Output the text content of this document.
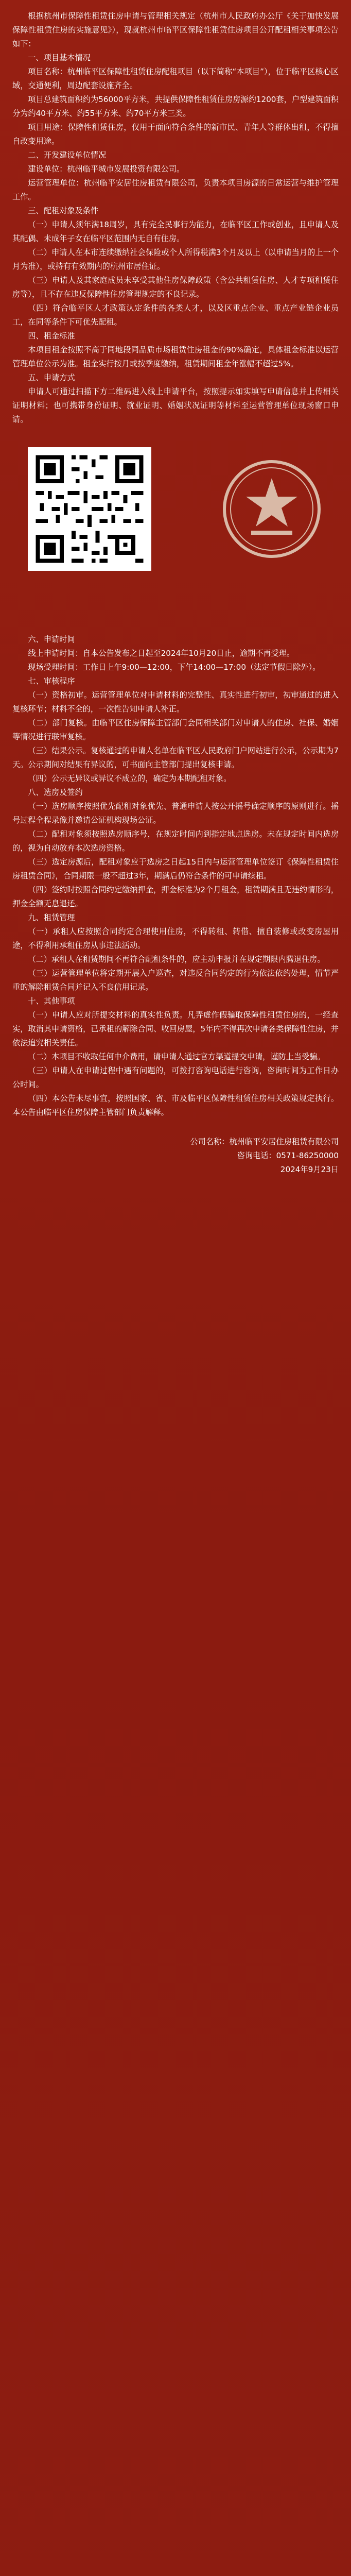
根据杭州市保障性租赁住房申请与管理相关规定（杭州市人民政府办公厅《关于加快发展保障性租赁住房的实施意见》），现就杭州市临平区保障性租赁住房项目公开配租相关事项公告如下：

一、项目基本情况

项目名称：杭州临平区保障性租赁住房配租项目（以下简称“本项目”），位于临平区核心区域，交通便利，周边配套设施齐全。

项目总建筑面积约为56000平方米，共提供保障性租赁住房房源约1200套，户型建筑面积分为约40平方米、约55平方米、约70平方米三类。

项目用途：保障性租赁住房，仅用于面向符合条件的新市民、青年人等群体出租，不得擅自改变用途。

二、开发建设单位情况

建设单位：杭州临平城市发展投资有限公司。

运营管理单位：杭州临平安居住房租赁有限公司，负责本项目房源的日常运营与维护管理工作。

三、配租对象及条件

（一）申请人须年满18周岁，具有完全民事行为能力，在临平区工作或创业，且申请人及其配偶、未成年子女在临平区范围内无自有住房。

（二）申请人在本市连续缴纳社会保险或个人所得税满3个月及以上（以申请当月的上一个月为准），或持有有效期内的杭州市居住证。

（三）申请人及其家庭成员未享受其他住房保障政策（含公共租赁住房、人才专项租赁住房等），且不存在违反保障性住房管理规定的不良记录。

（四）符合临平区人才政策认定条件的各类人才，以及区重点企业、重点产业链企业员工，在同等条件下可优先配租。

四、租金标准

本项目租金按照不高于同地段同品质市场租赁住房租金的90%确定，具体租金标准以运营管理单位公示为准。租金实行按月或按季度缴纳，租赁期间租金年涨幅不超过5%。

五、申请方式

申请人可通过扫描下方二维码进入线上申请平台，按照提示如实填写申请信息并上传相关证明材料；也可携带身份证明、就业证明、婚姻状况证明等材料至运营管理单位现场窗口申请。

六、申请时间

线上申请时间：自本公告发布之日起至2024年10月20日止，逾期不再受理。

现场受理时间：工作日上午9:00—12:00，下午14:00—17:00（法定节假日除外）。

七、审核程序

（一）资格初审。运营管理单位对申请材料的完整性、真实性进行初审，初审通过的进入复核环节；材料不全的，一次性告知申请人补正。

（二）部门复核。由临平区住房保障主管部门会同相关部门对申请人的住房、社保、婚姻等情况进行联审复核。

（三）结果公示。复核通过的申请人名单在临平区人民政府门户网站进行公示，公示期为7天。公示期间对结果有异议的，可书面向主管部门提出复核申请。

（四）公示无异议或异议不成立的，确定为本期配租对象。

八、选房及签约

（一）选房顺序按照优先配租对象优先、普通申请人按公开摇号确定顺序的原则进行。摇号过程全程录像并邀请公证机构现场公证。

（二）配租对象须按照选房顺序号，在规定时间内到指定地点选房。未在规定时间内选房的，视为自动放弃本次选房资格。

（三）选定房源后，配租对象应于选房之日起15日内与运营管理单位签订《保障性租赁住房租赁合同》，合同期限一般不超过3年，期满后仍符合条件的可申请续租。

（四）签约时按照合同约定缴纳押金，押金标准为2个月租金，租赁期满且无违约情形的，押金全额无息退还。

九、租赁管理

（一）承租人应按照合同约定合理使用住房，不得转租、转借、擅自装修或改变房屋用途，不得利用承租住房从事违法活动。

（二）承租人在租赁期间不再符合配租条件的，应主动申报并在规定期限内腾退住房。

（三）运营管理单位将定期开展入户巡查，对违反合同约定的行为依法依约处理，情节严重的解除租赁合同并记入不良信用记录。

十、其他事项

（一）申请人应对所提交材料的真实性负责。凡弄虚作假骗取保障性租赁住房的，一经查实，取消其申请资格，已承租的解除合同、收回房屋，5年内不得再次申请各类保障性住房，并依法追究相关责任。

（二）本项目不收取任何中介费用，请申请人通过官方渠道提交申请，谨防上当受骗。

（三）申请人在申请过程中遇有问题的，可拨打咨询电话进行咨询，咨询时间为工作日办公时间。

（四）本公告未尽事宜，按照国家、省、市及临平区保障性租赁住房相关政策规定执行。本公告由临平区住房保障主管部门负责解释。

公司名称：杭州临平安居住房租赁有限公司

咨询电话：0571-86250000

2024年9月23日
